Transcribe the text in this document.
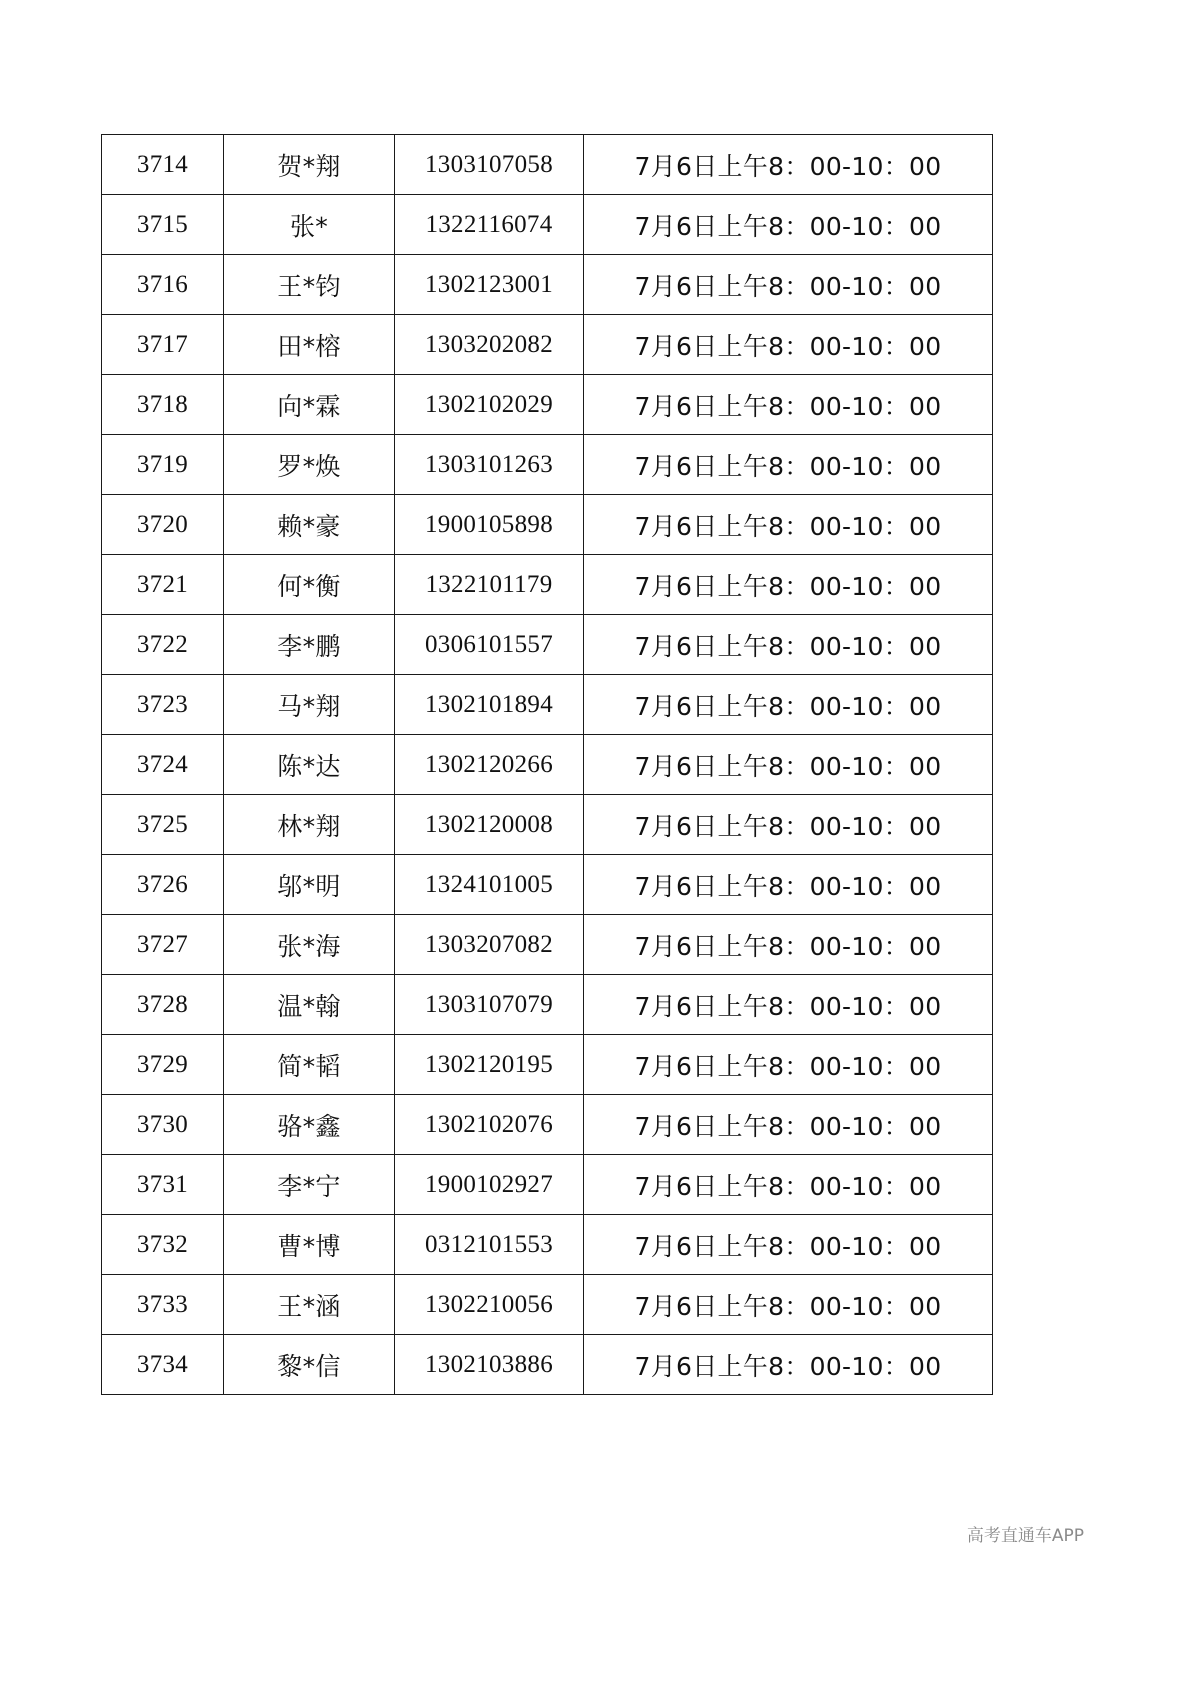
3714	贺*翔	1303107058	7月6日上午8：00-10：00
3715	张*	1322116074	7月6日上午8：00-10：00
3716	王*钧	1302123001	7月6日上午8：00-10：00
3717	田*榕	1303202082	7月6日上午8：00-10：00
3718	向*霖	1302102029	7月6日上午8：00-10：00
3719	罗*焕	1303101263	7月6日上午8：00-10：00
3720	赖*豪	1900105898	7月6日上午8：00-10：00
3721	何*衡	1322101179	7月6日上午8：00-10：00
3722	李*鹏	0306101557	7月6日上午8：00-10：00
3723	马*翔	1302101894	7月6日上午8：00-10：00
3724	陈*达	1302120266	7月6日上午8：00-10：00
3725	林*翔	1302120008	7月6日上午8：00-10：00
3726	邬*明	1324101005	7月6日上午8：00-10：00
3727	张*海	1303207082	7月6日上午8：00-10：00
3728	温*翰	1303107079	7月6日上午8：00-10：00
3729	简*韬	1302120195	7月6日上午8：00-10：00
3730	骆*鑫	1302102076	7月6日上午8：00-10：00
3731	李*宁	1900102927	7月6日上午8：00-10：00
3732	曹*博	0312101553	7月6日上午8：00-10：00
3733	王*涵	1302210056	7月6日上午8：00-10：00
3734	黎*信	1302103886	7月6日上午8：00-10：00
高考直通车APP
